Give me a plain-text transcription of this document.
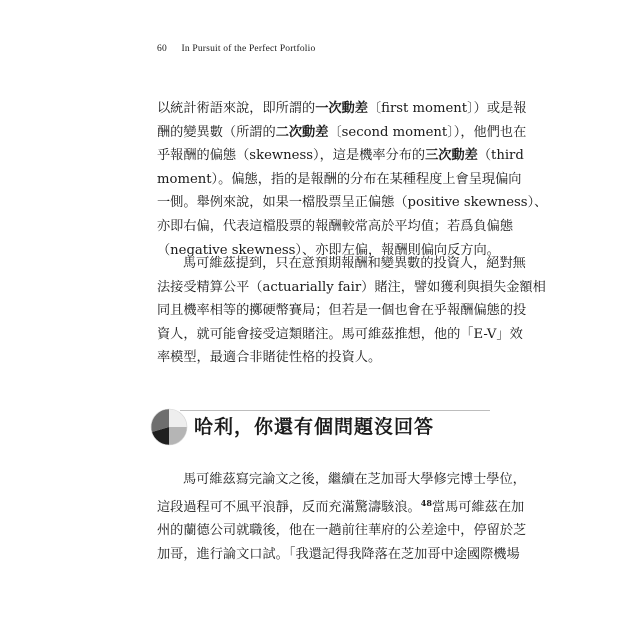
60 In Pursuit of the Perfect Portfolio
以統計術語來說，即所謂的一次動差〔first moment〕）或是報
酬的變異數（所謂的二次動差〔second moment〕），他們也在
乎報酬的偏態（skewness），這是機率分布的三次動差（third
moment）。偏態，指的是報酬的分布在某種程度上會呈現偏向
一側。舉例來說，如果一檔股票呈正偏態（positive skewness）、
亦即右偏，代表這檔股票的報酬較常高於平均值；若爲負偏態
（negative skewness）、亦即左偏，報酬則偏向反方向。
馬可維茲提到，只在意預期報酬和變異數的投資人，絕對無
法接受精算公平（actuarially fair）賭注，譬如獲利與損失金額相
同且機率相等的擲硬幣賽局；但若是一個也會在乎報酬偏態的投
資人，就可能會接受這類賭注。馬可維茲推想，他的「E-V」效
率模型，最適合非賭徒性格的投資人。
哈利，你還有個問題沒回答
馬可維茲寫完論文之後，繼續在芝加哥大學修完博士學位，
這段過程可不風平浪靜，反而充滿驚濤駭浪。$^{48}$當馬可維茲在加
州的蘭德公司就職後，他在一趟前往華府的公差途中，停留於芝
加哥，進行論文口試。「我還記得我降落在芝加哥中途國際機場
